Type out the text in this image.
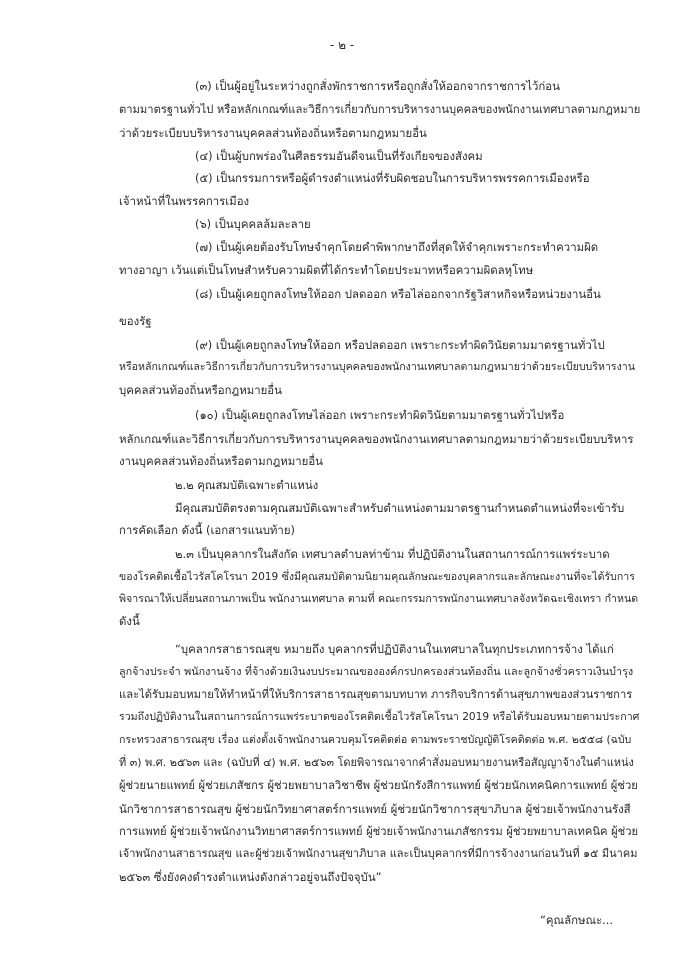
- ๒ -
(๓) เป็นผู้อยู่ในระหว่างถูกสั่งพักราชการหรือถูกสั่งให้ออกจากราชการไว้ก่อน
ตามมาตรฐานทั่วไป หรือหลักเกณฑ์และวิธีการเกี่ยวกับการบริหารงานบุคคลของพนักงานเทศบาลตามกฎหมาย
ว่าด้วยระเบียบบริหารงานบุคคลส่วนท้องถิ่นหรือตามกฎหมายอื่น
(๔) เป็นผู้บกพร่องในศีลธรรมอันดีจนเป็นที่รังเกียจของสังคม
(๕) เป็นกรรมการหรือผู้ดำรงตำแหน่งที่รับผิดชอบในการบริหารพรรคการเมืองหรือ
เจ้าหน้าที่ในพรรคการเมือง
(๖) เป็นบุคคลล้มละลาย
(๗) เป็นผู้เคยต้องรับโทษจำคุกโดยคำพิพากษาถึงที่สุดให้จำคุกเพราะกระทำความผิด
ทางอาญา เว้นแต่เป็นโทษสำหรับความผิดที่ได้กระทำโดยประมาทหรือความผิดลหุโทษ
(๘) เป็นผู้เคยถูกลงโทษให้ออก ปลดออก หรือไล่ออกจากรัฐวิสาหกิจหรือหน่วยงานอื่น
ของรัฐ
(๙) เป็นผู้เคยถูกลงโทษให้ออก หรือปลดออก เพราะกระทำผิดวินัยตามมาตรฐานทั่วไป
หรือหลักเกณฑ์และวิธีการเกี่ยวกับการบริหารงานบุคคลของพนักงานเทศบาลตามกฎหมายว่าด้วยระเบียบบริหารงาน
บุคคลส่วนท้องถิ่นหรือกฎหมายอื่น
(๑๐) เป็นผู้เคยถูกลงโทษไล่ออก เพราะกระทำผิดวินัยตามมาตรฐานทั่วไปหรือ
หลักเกณฑ์และวิธีการเกี่ยวกับการบริหารงานบุคคลของพนักงานเทศบาลตามกฎหมายว่าด้วยระเบียบบริหาร
งานบุคคลส่วนท้องถิ่นหรือตามกฎหมายอื่น
๒.๒ คุณสมบัติเฉพาะตำแหน่ง
มีคุณสมบัติตรงตามคุณสมบัติเฉพาะสำหรับตำแหน่งตามมาตรฐานกำหนดตำแหน่งที่จะเข้ารับ
การคัดเลือก ดังนี้ (เอกสารแนบท้าย)
๒.๓ เป็นบุคลากรในสังกัด เทศบาลตำบลท่าข้าม ที่ปฏิบัติงานในสถานการณ์การแพร่ระบาด
ของโรคติดเชื้อไวรัสโคโรนา 2019 ซึ่งมีคุณสมบัติตามนิยามคุณลักษณะของบุคลากรและลักษณะงานที่จะได้รับการ
พิจารณาให้เปลี่ยนสถานภาพเป็น พนักงานเทศบาล ตามที่ คณะกรรมการพนักงานเทศบาลจังหวัดฉะเชิงเทรา กำหนด
ดังนี้
“บุคลากรสาธารณสุข หมายถึง บุคลากรที่ปฏิบัติงานในเทศบาลในทุกประเภทการจ้าง ได้แก่
ลูกจ้างประจำ พนักงานจ้าง ที่จ้างด้วยเงินงบประมาณขององค์กรปกครองส่วนท้องถิ่น และลูกจ้างชั่วคราวเงินบำรุง
และได้รับมอบหมายให้ทำหน้าที่ให้บริการสาธารณสุขตามบทบาท ภารกิจบริการด้านสุขภาพของส่วนราชการ
รวมถึงปฏิบัติงานในสถานการณ์การแพร่ระบาดของโรคติดเชื้อไวรัสโคโรนา 2019 หรือได้รับมอบหมายตามประกาศ
กระทรวงสาธารณสุข เรื่อง แต่งตั้งเจ้าพนักงานควบคุมโรคติดต่อ ตามพระราชบัญญัติโรคติดต่อ พ.ศ. ๒๕๕๘ (ฉบับ
ที่ ๓) พ.ศ. ๒๕๖๓ และ (ฉบับที่ ๔) พ.ศ. ๒๕๖๓ โดยพิจารณาจากคำสั่งมอบหมายงานหรือสัญญาจ้างในตำแหน่ง
ผู้ช่วยนายแพทย์ ผู้ช่วยเภสัชกร ผู้ช่วยพยาบาลวิชาชีพ ผู้ช่วยนักรังสีการแพทย์ ผู้ช่วยนักเทคนิคการแพทย์ ผู้ช่วย
นักวิชาการสาธารณสุข ผู้ช่วยนักวิทยาศาสตร์การแพทย์ ผู้ช่วยนักวิชาการสุขาภิบาล ผู้ช่วยเจ้าพนักงานรังสี
การแพทย์ ผู้ช่วยเจ้าพนักงานวิทยาศาสตร์การแพทย์ ผู้ช่วยเจ้าพนักงานเภสัชกรรม ผู้ช่วยพยาบาลเทคนิค ผู้ช่วย
เจ้าพนักงานสาธารณสุข และผู้ช่วยเจ้าพนักงานสุขาภิบาล และเป็นบุคลากรที่มีการจ้างงานก่อนวันที่ ๑๕ มีนาคม
๒๕๖๓ ซึ่งยังคงดำรงตำแหน่งดังกล่าวอยู่จนถึงปัจจุบัน”
“คุณลักษณะ...
